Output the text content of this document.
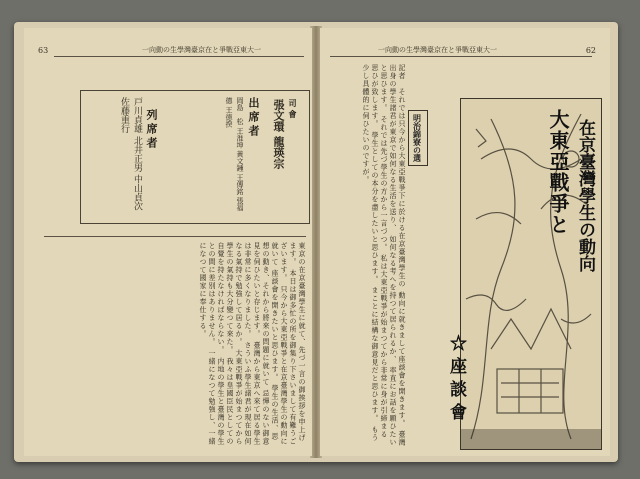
63	一向動の生學灣臺京在と爭戰亞東大一
司會
張文環 龍瑛宗
出席者
岡島　松 王淮坤 黃文鍾 王傳銘 張福德 王徳揆
列席者
戸川貞雄 北井正男 中山貞次 佐藤重行
東京の在京臺灣學生に就て、先づ一言の御挨拶を申上げます。 本日は御多忙の所を御集り下さいまして有難うございます。 只今から大東亞戰爭と在京臺灣學生の動向に就いて 座談會を開きたいと思ひます。 學生の生活、思想の動き、それから將來の問題に就いて 忌憚のない御意見を伺ひたいと存じます。 臺灣から東京へ來て居る學生は非常に多くなりました。 さういふ學生諸君が現在如何なる氣持で勉強して居るか。 大東亞戰爭が始まつてから學生の氣持も大分變つて來た。 我々は皇國臣民としての自覺を持たなければならない。 内地の學生と臺灣の學生との間に差別はありません。 一緒になつて勉強し、一緒になつて國家に奉仕する。
62
一向動の生學灣臺京在と爭戰亞東大一
記者　それでは只今から大東亞戰爭下に於ける在京臺灣學生の 動向に就きまして座談會を開きます。 臺灣出身の學生諸君が東京で如何なる生活を送り、 如何なる考へを持つて居られるか、 率直にお話を願ひたいと思ひます。 それでは先づ學生の方から一言づつ。 私は大東亞戰爭が始まつてから非常に身が引締まる 思ひが致します。 學生としての本分を盡したいと思ひます。 まことに結構な御意見だと思ひます。 もう少し具體的に伺ひたいのですが。	明治錦寮の選	大東亞戰爭と 在京臺灣學生の動向
☆座談會
